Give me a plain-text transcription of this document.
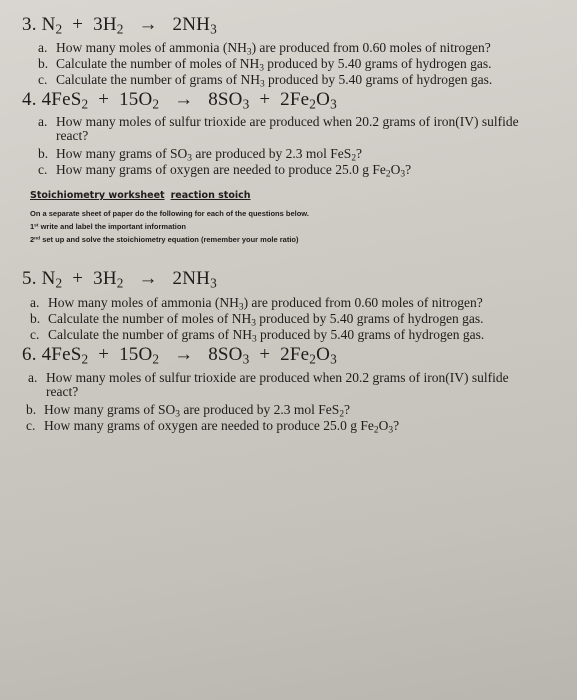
3. $N_2 + 3H_2 \to 2NH_3$
a. How many moles of ammonia $(NH_3)$ are produced from 0.60 moles of nitrogen?
b. Calculate the number of moles of $NH_3$ produced by 5.40 grams of hydrogen gas.
c. Calculate the number of grams of $NH_3$ produced by 5.40 grams of hydrogen gas.
4. $4FeS_2 + 15O_2 \to 8SO_3 + 2Fe_2O_3$
a. How many moles of sulfur trioxide are produced when 20.2 grams of iron(IV) sulfide
react?
b. How many grams of $SO_3$ are produced by 2.3 mol FeS$_2$?
c. How many grams of oxygen are needed to produce 25.0 g $Fe_2O_3$?
Stoichiometry worksheet reaction stoich
On a separate sheet of paper do the following for each of the questions below.
1st write and label the important information
2nd set up and solve the stoichiometry equation (remember your mole ratio)
5. $N_2 + 3H_2 \to 2NH_3$
a. How many moles of ammonia $(NH_3)$ are produced from 0.60 moles of nitrogen?
b. Calculate the number of moles of $NH_3$ produced by 5.40 grams of hydrogen gas.
c. Calculate the number of grams of $NH_3$ produced by 5.40 grams of hydrogen gas.
6. $4FeS_2 + 15O_2 \to 8SO_3 + 2Fe_2O_3$
a. How many moles of sulfur trioxide are produced when 20.2 grams of iron(IV) sulfide
react?
b. How many grams of $SO_3$ are produced by 2.3 mol FeS$_2$?
c. How many grams of oxygen are needed to produce 25.0 g $Fe_2O_3$?
